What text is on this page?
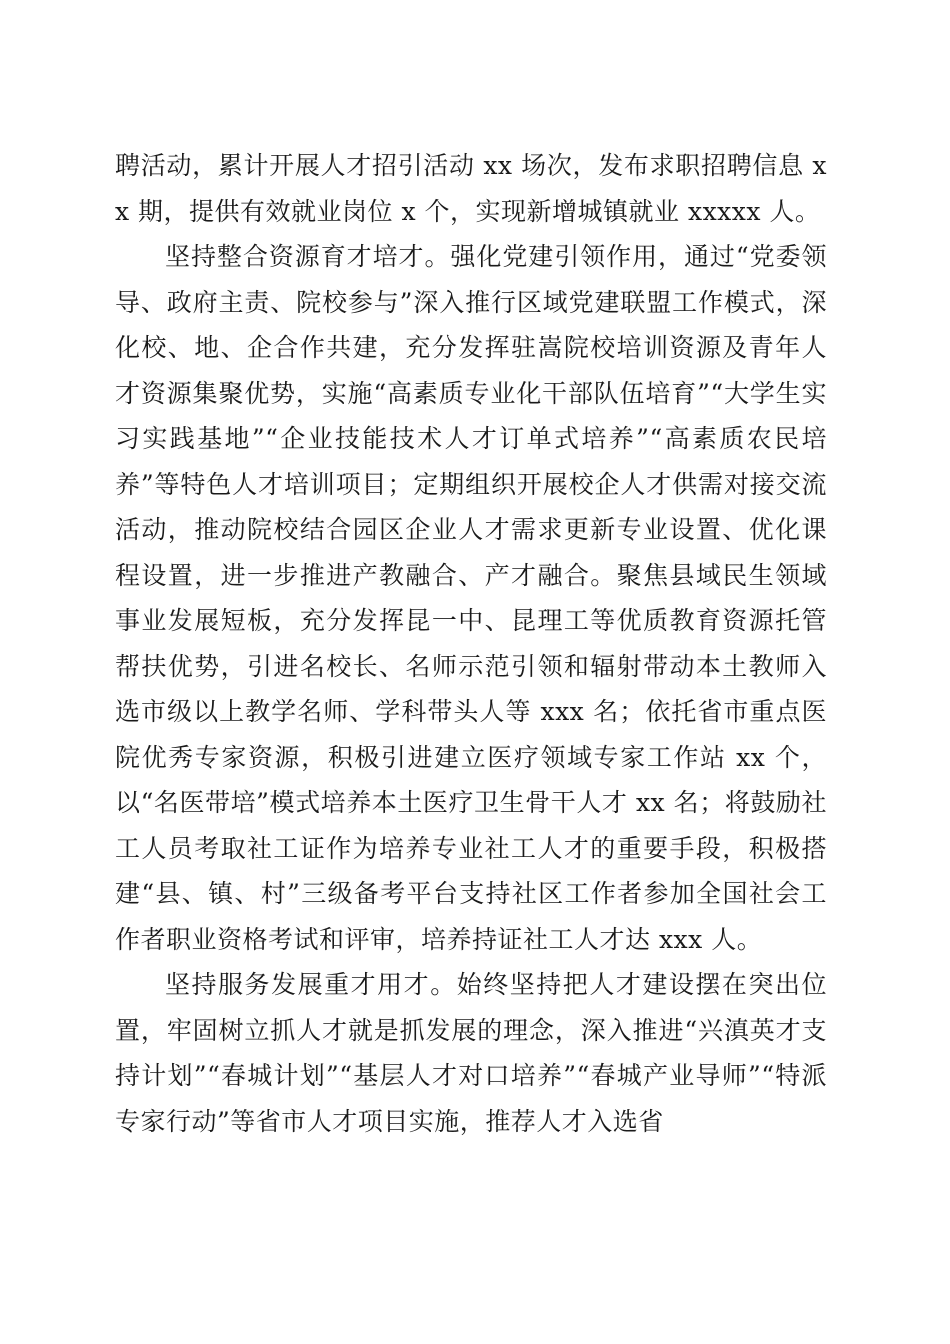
聘活动，累计开展人才招引活动 xx 场次，发布求职招聘信息 xx 期，提供有效就业岗位 x 个，实现新增城镇就业 xxxxx 人。

坚持整合资源育才培才。强化党建引领作用，通过“党委领导、政府主责、院校参与”深入推行区域党建联盟工作模式，深化校、地、企合作共建，充分发挥驻嵩院校培训资源及青年人才资源集聚优势，实施“高素质专业化干部队伍培育”“大学生实习实践基地”“企业技能技术人才订单式培养”“高素质农民培养”等特色人才培训项目；定期组织开展校企人才供需对接交流活动，推动院校结合园区企业人才需求更新专业设置、优化课程设置，进一步推进产教融合、产才融合。聚焦县域民生领域事业发展短板，充分发挥昆一中、昆理工等优质教育资源托管帮扶优势，引进名校长、名师示范引领和辐射带动本土教师入选市级以上教学名师、学科带头人等 xxx 名；依托省市重点医院优秀专家资源，积极引进建立医疗领域专家工作站 xx 个，以“名医带培”模式培养本土医疗卫生骨干人才 xx 名；将鼓励社工人员考取社工证作为培养专业社工人才的重要手段，积极搭建“县、镇、村”三级备考平台支持社区工作者参加全国社会工作者职业资格考试和评审，培养持证社工人才达 xxx 人。

坚持服务发展重才用才。始终坚持把人才建设摆在突出位置，牢固树立抓人才就是抓发展的理念，深入推进“兴滇英才支持计划”“春城计划”“基层人才对口培养”“春城产业导师”“特派专家行动”等省市人才项目实施，推荐人才入选省
